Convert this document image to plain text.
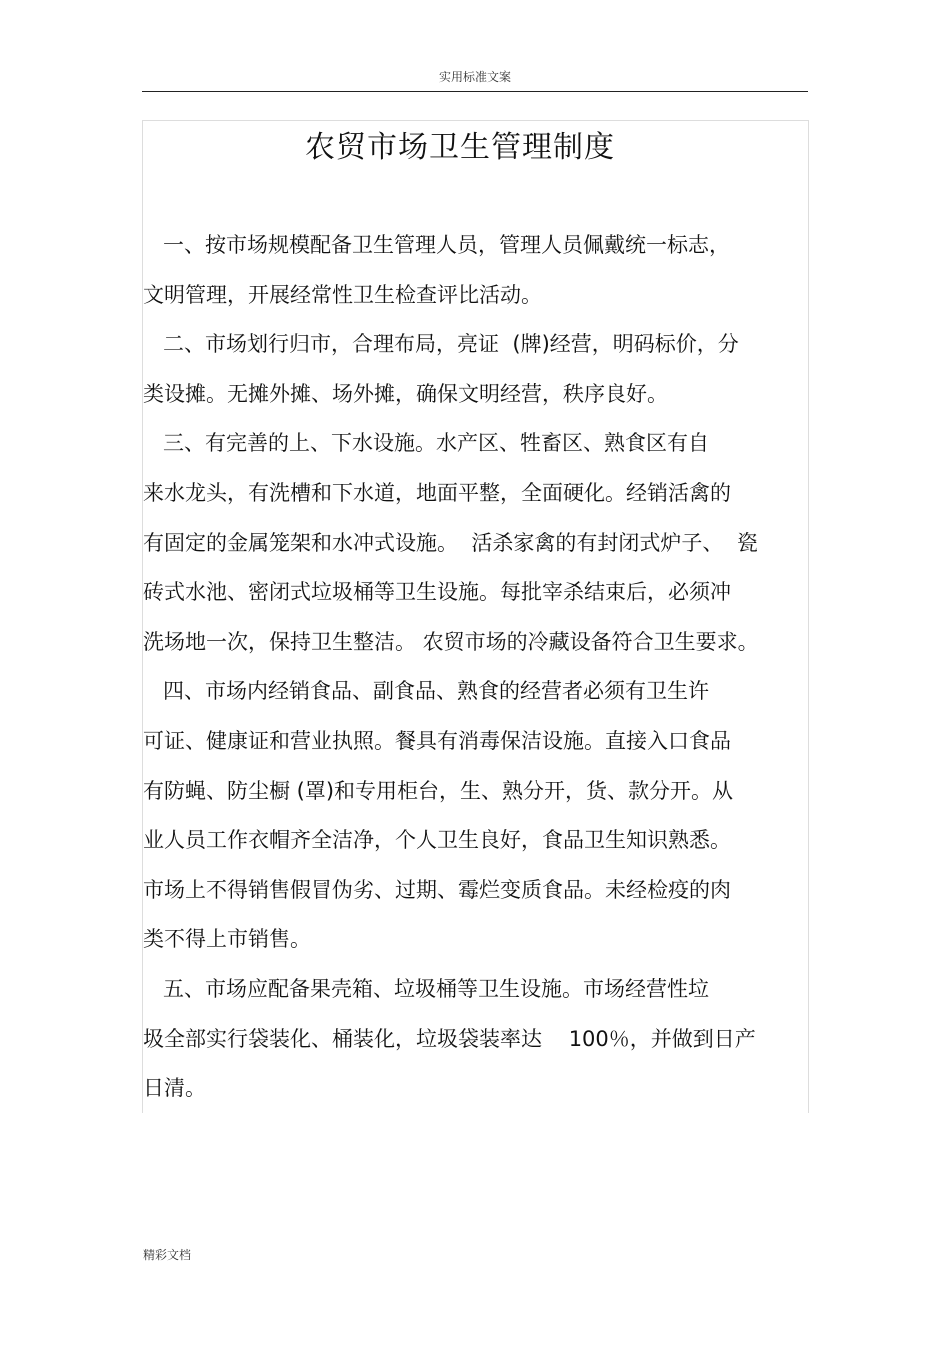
实用标准文案
农贸市场卫生管理制度
一、按市场规模配备卫生管理人员，管理人员佩戴统一标志，
文明管理，开展经常性卫生检查评比活动。
二、市场划行归市，合理布局，亮证  (牌)经营，明码标价，分
类设摊。无摊外摊、场外摊，确保文明经营，秩序良好。
三、有完善的上、下水设施。水产区、牲畜区、熟食区有自
来水龙头，有洗槽和下水道，地面平整，全面硬化。经销活禽的
有固定的金属笼架和水冲式设施。  活杀家禽的有封闭式炉子、  瓷
砖式水池、密闭式垃圾桶等卫生设施。每批宰杀结束后，必须冲
洗场地一次，保持卫生整洁。 农贸市场的冷藏设备符合卫生要求。
四、市场内经销食品、副食品、熟食的经营者必须有卫生许
可证、健康证和营业执照。餐具有消毒保洁设施。直接入口食品
有防蝇、防尘橱 (罩)和专用柜台，生、熟分开，货、款分开。从
业人员工作衣帽齐全洁净，个人卫生良好，食品卫生知识熟悉。
市场上不得销售假冒伪劣、过期、霉烂变质食品。未经检疫的肉
类不得上市销售。
五、市场应配备果壳箱、垃圾桶等卫生设施。市场经营性垃
圾全部实行袋装化、桶装化，垃圾袋装率达    100％，并做到日产
日清。
精彩文档
